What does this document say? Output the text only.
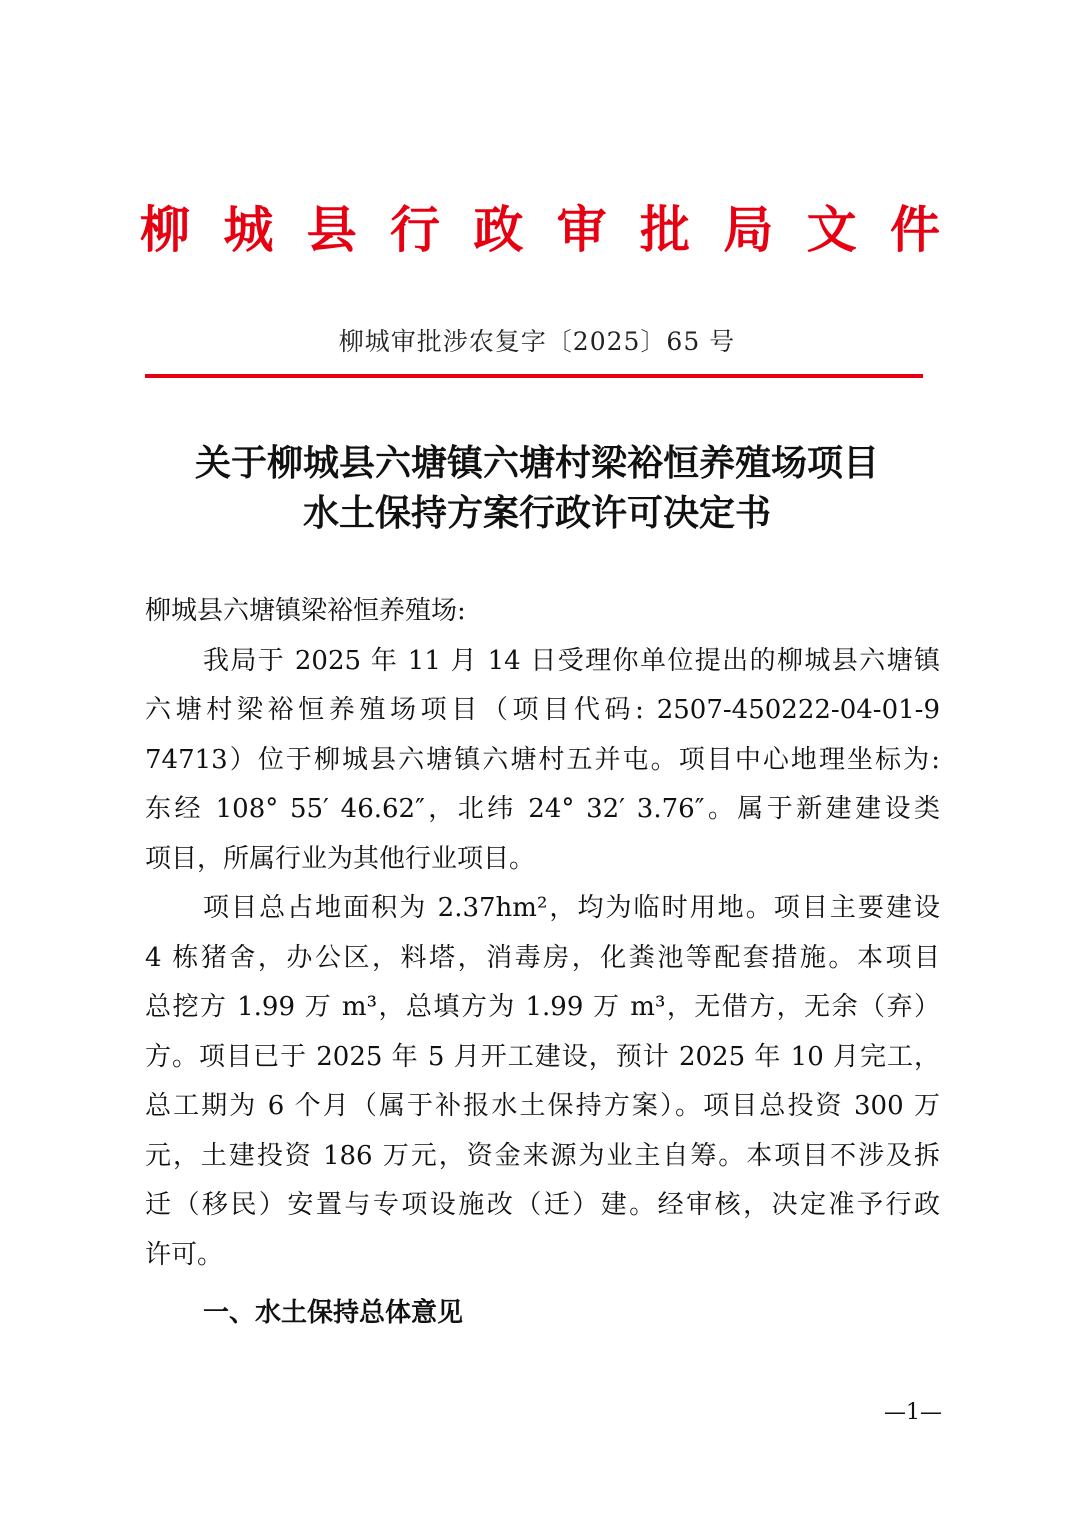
柳 城 县 行 政 审 批 局 文 件
柳城审批涉农复字〔2025〕65 号
关于柳城县六塘镇六塘村梁裕恒养殖场项目
水土保持方案行政许可决定书
柳城县六塘镇梁裕恒养殖场:
我局于 2025 年 11 月 14 日受理你单位提出的柳城县六塘镇
六塘村梁裕恒养殖场项目（项目代码: 2507-450222-04-01-9
74713）位于柳城县六塘镇六塘村五并屯。项目中心地理坐标为:
东经 108° 55′ 46.62″，北纬 24° 32′ 3.76″。属于新建建设类
项目，所属行业为其他行业项目。
项目总占地面积为 2.37hm²，均为临时用地。项目主要建设
4 栋猪舍，办公区，料塔，消毒房，化粪池等配套措施。本项目
总挖方 1.99 万 m³，总填方为 1.99 万 m³，无借方，无余（弃）
方。项目已于 2025 年 5 月开工建设，预计 2025 年 10 月完工，
总工期为 6 个月（属于补报水土保持方案）。项目总投资 300 万
元，土建投资 186 万元，资金来源为业主自筹。本项目不涉及拆
迁（移民）安置与专项设施改（迁）建。经审核，决定准予行政
许可。
一、水土保持总体意见
—1—
